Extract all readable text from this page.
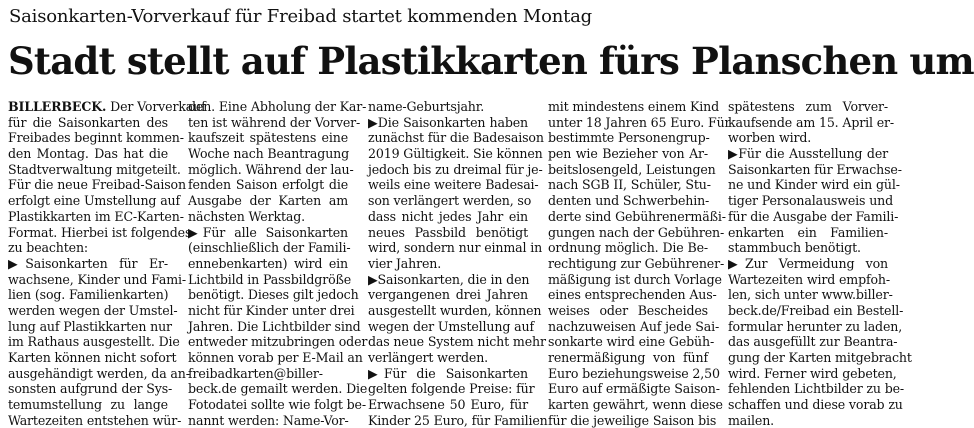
Saisonkarten-Vorverkauf für Freibad startet kommenden Montag
Stadt stellt auf Plastikkarten fürs Planschen um
BILLERBECK. Der Vorverkauf
für die Saisonkarten des
Freibades beginnt kommen-
den Montag. Das hat die
Stadtverwaltung mitgeteilt.
Für die neue Freibad-Saison
erfolgt eine Umstellung auf
Plastikkarten im EC-Karten-
Format. Hierbei ist folgendes
zu beachten:
▶Saisonkarten für Er-
wachsene, Kinder und Fami-
lien (sog. Familienkarten)
werden wegen der Umstel-
lung auf Plastikkarten nur
im Rathaus ausgestellt. Die
Karten können nicht sofort
ausgehändigt werden, da an-
sonsten aufgrund der Sys-
temumstellung zu lange
Wartezeiten entstehen wür-
den. Eine Abholung der Kar-
ten ist während der Vorver-
kaufszeit spätestens eine
Woche nach Beantragung
möglich. Während der lau-
fenden Saison erfolgt die
Ausgabe der Karten am
nächsten Werktag.
▶Für alle Saisonkarten
(einschließlich der Famili-
ennebenkarten) wird ein
Lichtbild in Passbildgröße
benötigt. Dieses gilt jedoch
nicht für Kinder unter drei
Jahren. Die Lichtbilder sind
entweder mitzubringen oder
können vorab per E-Mail an
freibadkarten@biller-
beck.de gemailt werden. Die
Fotodatei sollte wie folgt be-
nannt werden: Name-Vor-
name-Geburtsjahr.
▶Die Saisonkarten haben
zunächst für die Badesaison
2019 Gültigkeit. Sie können
jedoch bis zu dreimal für je-
weils eine weitere Badesai-
son verlängert werden, so
dass nicht jedes Jahr ein
neues Passbild benötigt
wird, sondern nur einmal in
vier Jahren.
▶Saisonkarten, die in den
vergangenen drei Jahren
ausgestellt wurden, können
wegen der Umstellung auf
das neue System nicht mehr
verlängert werden.
▶Für die Saisonkarten
gelten folgende Preise: für
Erwachsene 50 Euro, für
Kinder 25 Euro, für Familien
mit mindestens einem Kind
unter 18 Jahren 65 Euro. Für
bestimmte Personengrup-
pen wie Bezieher von Ar-
beitslosengeld, Leistungen
nach SGB II, Schüler, Stu-
denten und Schwerbehin-
derte sind Gebührenermäßi-
gungen nach der Gebühren-
ordnung möglich. Die Be-
rechtigung zur Gebührener-
mäßigung ist durch Vorlage
eines entsprechenden Aus-
weises oder Bescheides
nachzuweisen Auf jede Sai-
sonkarte wird eine Gebüh-
renermäßigung von fünf
Euro beziehungsweise 2,50
Euro auf ermäßigte Saison-
karten gewährt, wenn diese
für die jeweilige Saison bis
spätestens zum Vorver-
kaufsende am 15. April er-
worben wird.
▶Für die Ausstellung der
Saisonkarten für Erwachse-
ne und Kinder wird ein gül-
tiger Personalausweis und
für die Ausgabe der Famili-
enkarten ein Familien-
stammbuch benötigt.
▶Zur Vermeidung von
Wartezeiten wird empfoh-
len, sich unter www.biller-
beck.de/Freibad ein Bestell-
formular herunter zu laden,
das ausgefüllt zur Beantra-
gung der Karten mitgebracht
wird. Ferner wird gebeten,
fehlenden Lichtbilder zu be-
schaffen und diese vorab zu
mailen.
